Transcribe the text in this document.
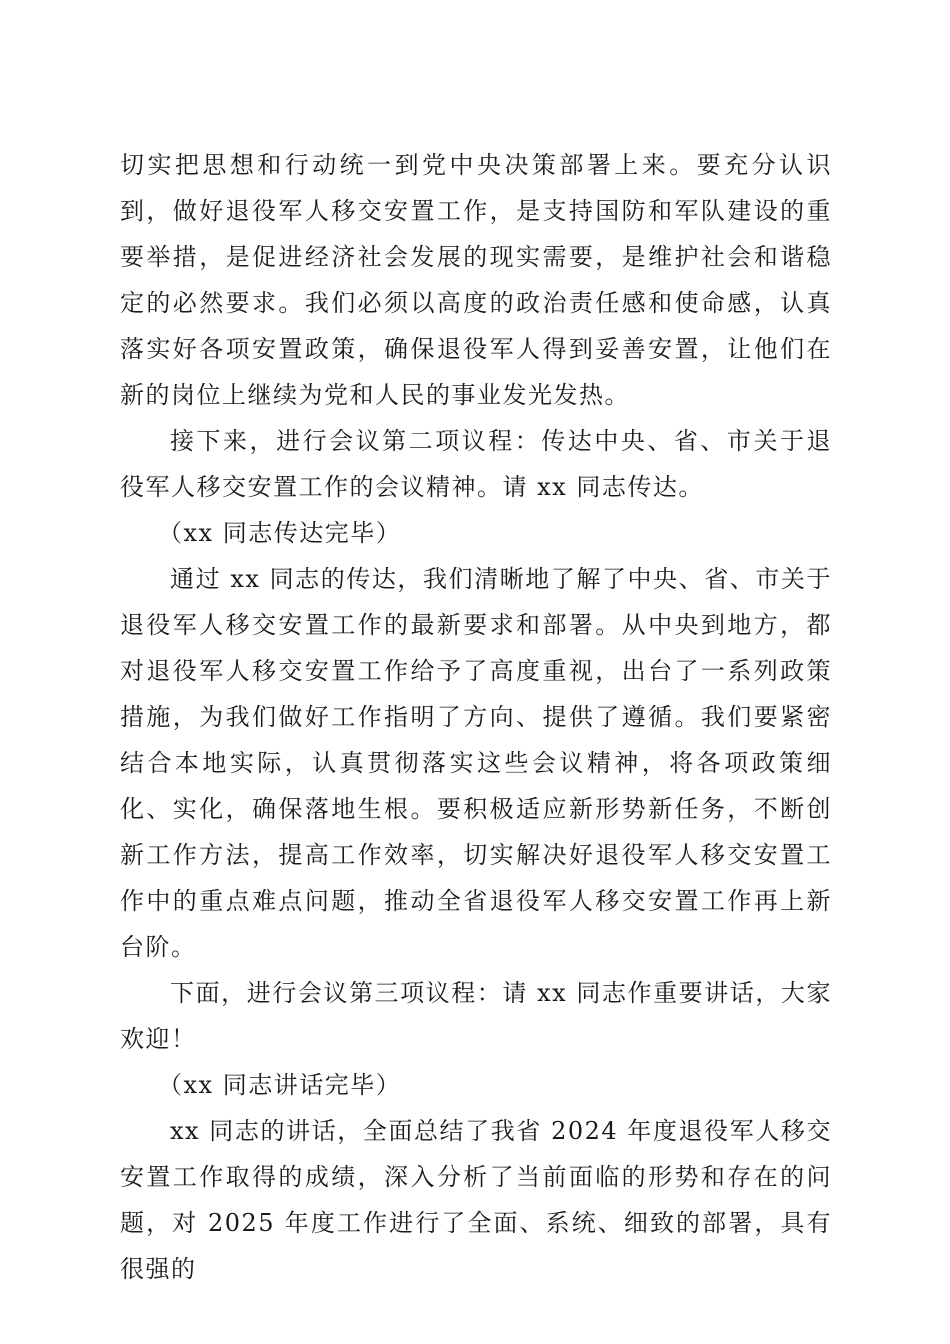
切实把思想和行动统一到党中央决策部署上来。要充分认识到，做好退役军人移交安置工作，是支持国防和军队建设的重要举措，是促进经济社会发展的现实需要，是维护社会和谐稳定的必然要求。我们必须以高度的政治责任感和使命感，认真落实好各项安置政策，确保退役军人得到妥善安置，让他们在新的岗位上继续为党和人民的事业发光发热。

接下来，进行会议第二项议程：传达中央、省、市关于退役军人移交安置工作的会议精神。请 xx 同志传达。

（xx 同志传达完毕）

通过 xx 同志的传达，我们清晰地了解了中央、省、市关于退役军人移交安置工作的最新要求和部署。从中央到地方，都对退役军人移交安置工作给予了高度重视，出台了一系列政策措施，为我们做好工作指明了方向、提供了遵循。我们要紧密结合本地实际，认真贯彻落实这些会议精神，将各项政策细化、实化，确保落地生根。要积极适应新形势新任务，不断创新工作方法，提高工作效率，切实解决好退役军人移交安置工作中的重点难点问题，推动全省退役军人移交安置工作再上新台阶。

下面，进行会议第三项议程：请 xx 同志作重要讲话，大家欢迎！

（xx 同志讲话完毕）

xx 同志的讲话，全面总结了我省 2024 年度退役军人移交安置工作取得的成绩，深入分析了当前面临的形势和存在的问题，对 2025 年度工作进行了全面、系统、细致的部署，具有很强的
